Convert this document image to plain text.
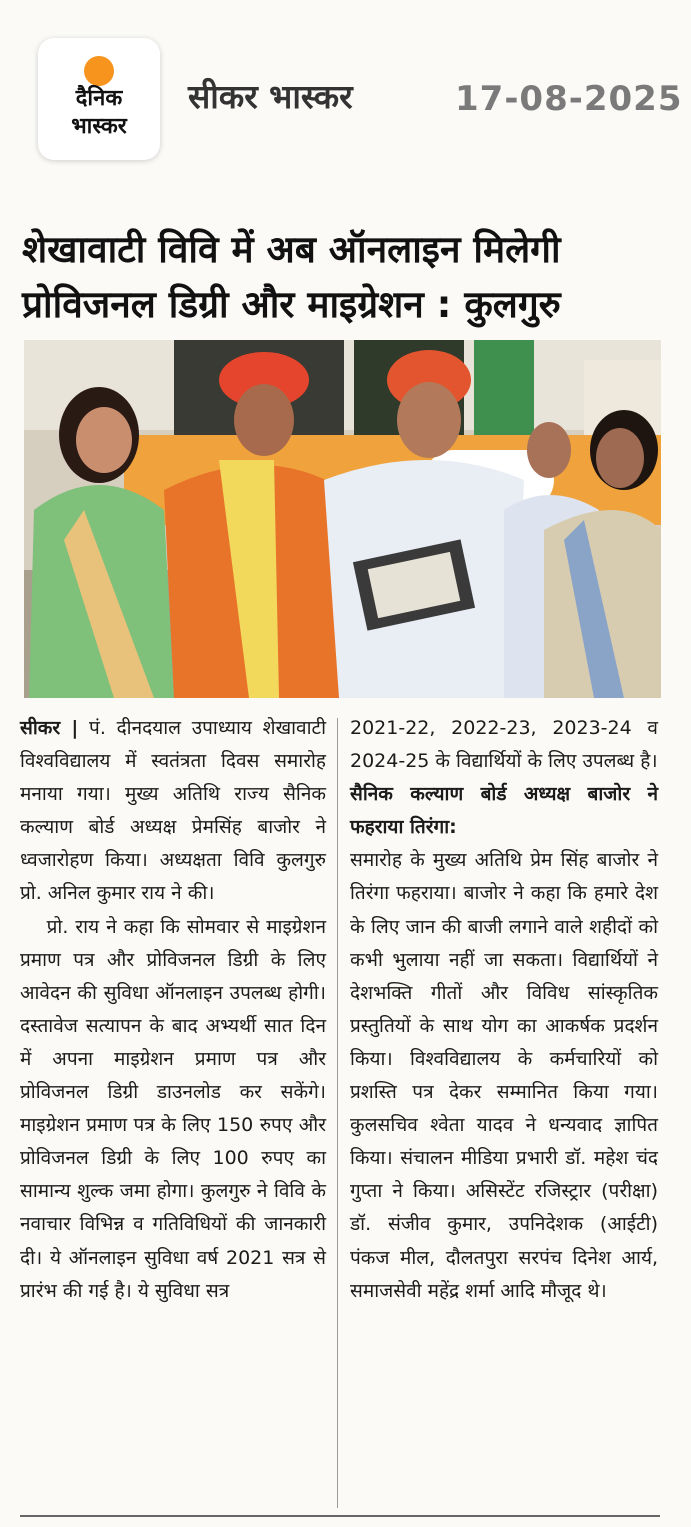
दैनिक
भास्कर
सीकर भास्कर	17-08-2025
शेखावाटी विवि में अब ऑनलाइन मिलेगी
प्रोविजनल डिग्री और माइग्रेशन : कुलगुरु

सीकर | पं. दीनदयाल उपाध्याय शेखावाटी विश्वविद्यालय में स्वतंत्रता दिवस समारोह मनाया गया। मुख्य अतिथि राज्य सैनिक कल्याण बोर्ड अध्यक्ष प्रेमसिंह बाजोर ने ध्वजारोहण किया। अध्यक्षता विवि कुलगुरु प्रो. अनिल कुमार राय ने की।

प्रो. राय ने कहा कि सोमवार से माइग्रेशन प्रमाण पत्र और प्रोविजनल डिग्री के लिए आवेदन की सुविधा ऑनलाइन उपलब्ध होगी। दस्तावेज सत्यापन के बाद अभ्यर्थी सात दिन में अपना माइग्रेशन प्रमाण पत्र और प्रोविजनल डिग्री डाउनलोड कर सकेंगे। माइग्रेशन प्रमाण पत्र के लिए 150 रुपए और प्रोविजनल डिग्री के लिए 100 रुपए का सामान्य शुल्क जमा होगा। कुलगुरु ने विवि के नवाचार विभिन्न व गतिविधियों की जानकारी दी। ये ऑनलाइन सुविधा वर्ष 2021 सत्र से प्रारंभ की गई है। ये सुविधा सत्र

2021-22, 2022-23, 2023-24 व 2024-25 के विद्यार्थियों के लिए उपलब्ध है।

सैनिक कल्याण बोर्ड अध्यक्ष बाजोर ने फहराया तिरंगा:

समारोह के मुख्य अतिथि प्रेम सिंह बाजोर ने तिरंगा फहराया। बाजोर ने कहा कि हमारे देश के लिए जान की बाजी लगाने वाले शहीदों को कभी भुलाया नहीं जा सकता। विद्यार्थियों ने देशभक्ति गीतों और विविध सांस्कृतिक प्रस्तुतियों के साथ योग का आकर्षक प्रदर्शन किया। विश्वविद्यालय के कर्मचारियों को प्रशस्ति पत्र देकर सम्मानित किया गया। कुलसचिव श्वेता यादव ने धन्यवाद ज्ञापित किया। संचालन मीडिया प्रभारी डॉ. महेश चंद गुप्ता ने किया। असिस्टेंट रजिस्ट्रार (परीक्षा) डॉ. संजीव कुमार, उपनिदेशक (आईटी) पंकज मील, दौलतपुरा सरपंच दिनेश आर्य, समाजसेवी महेंद्र शर्मा आदि मौजूद थे।
